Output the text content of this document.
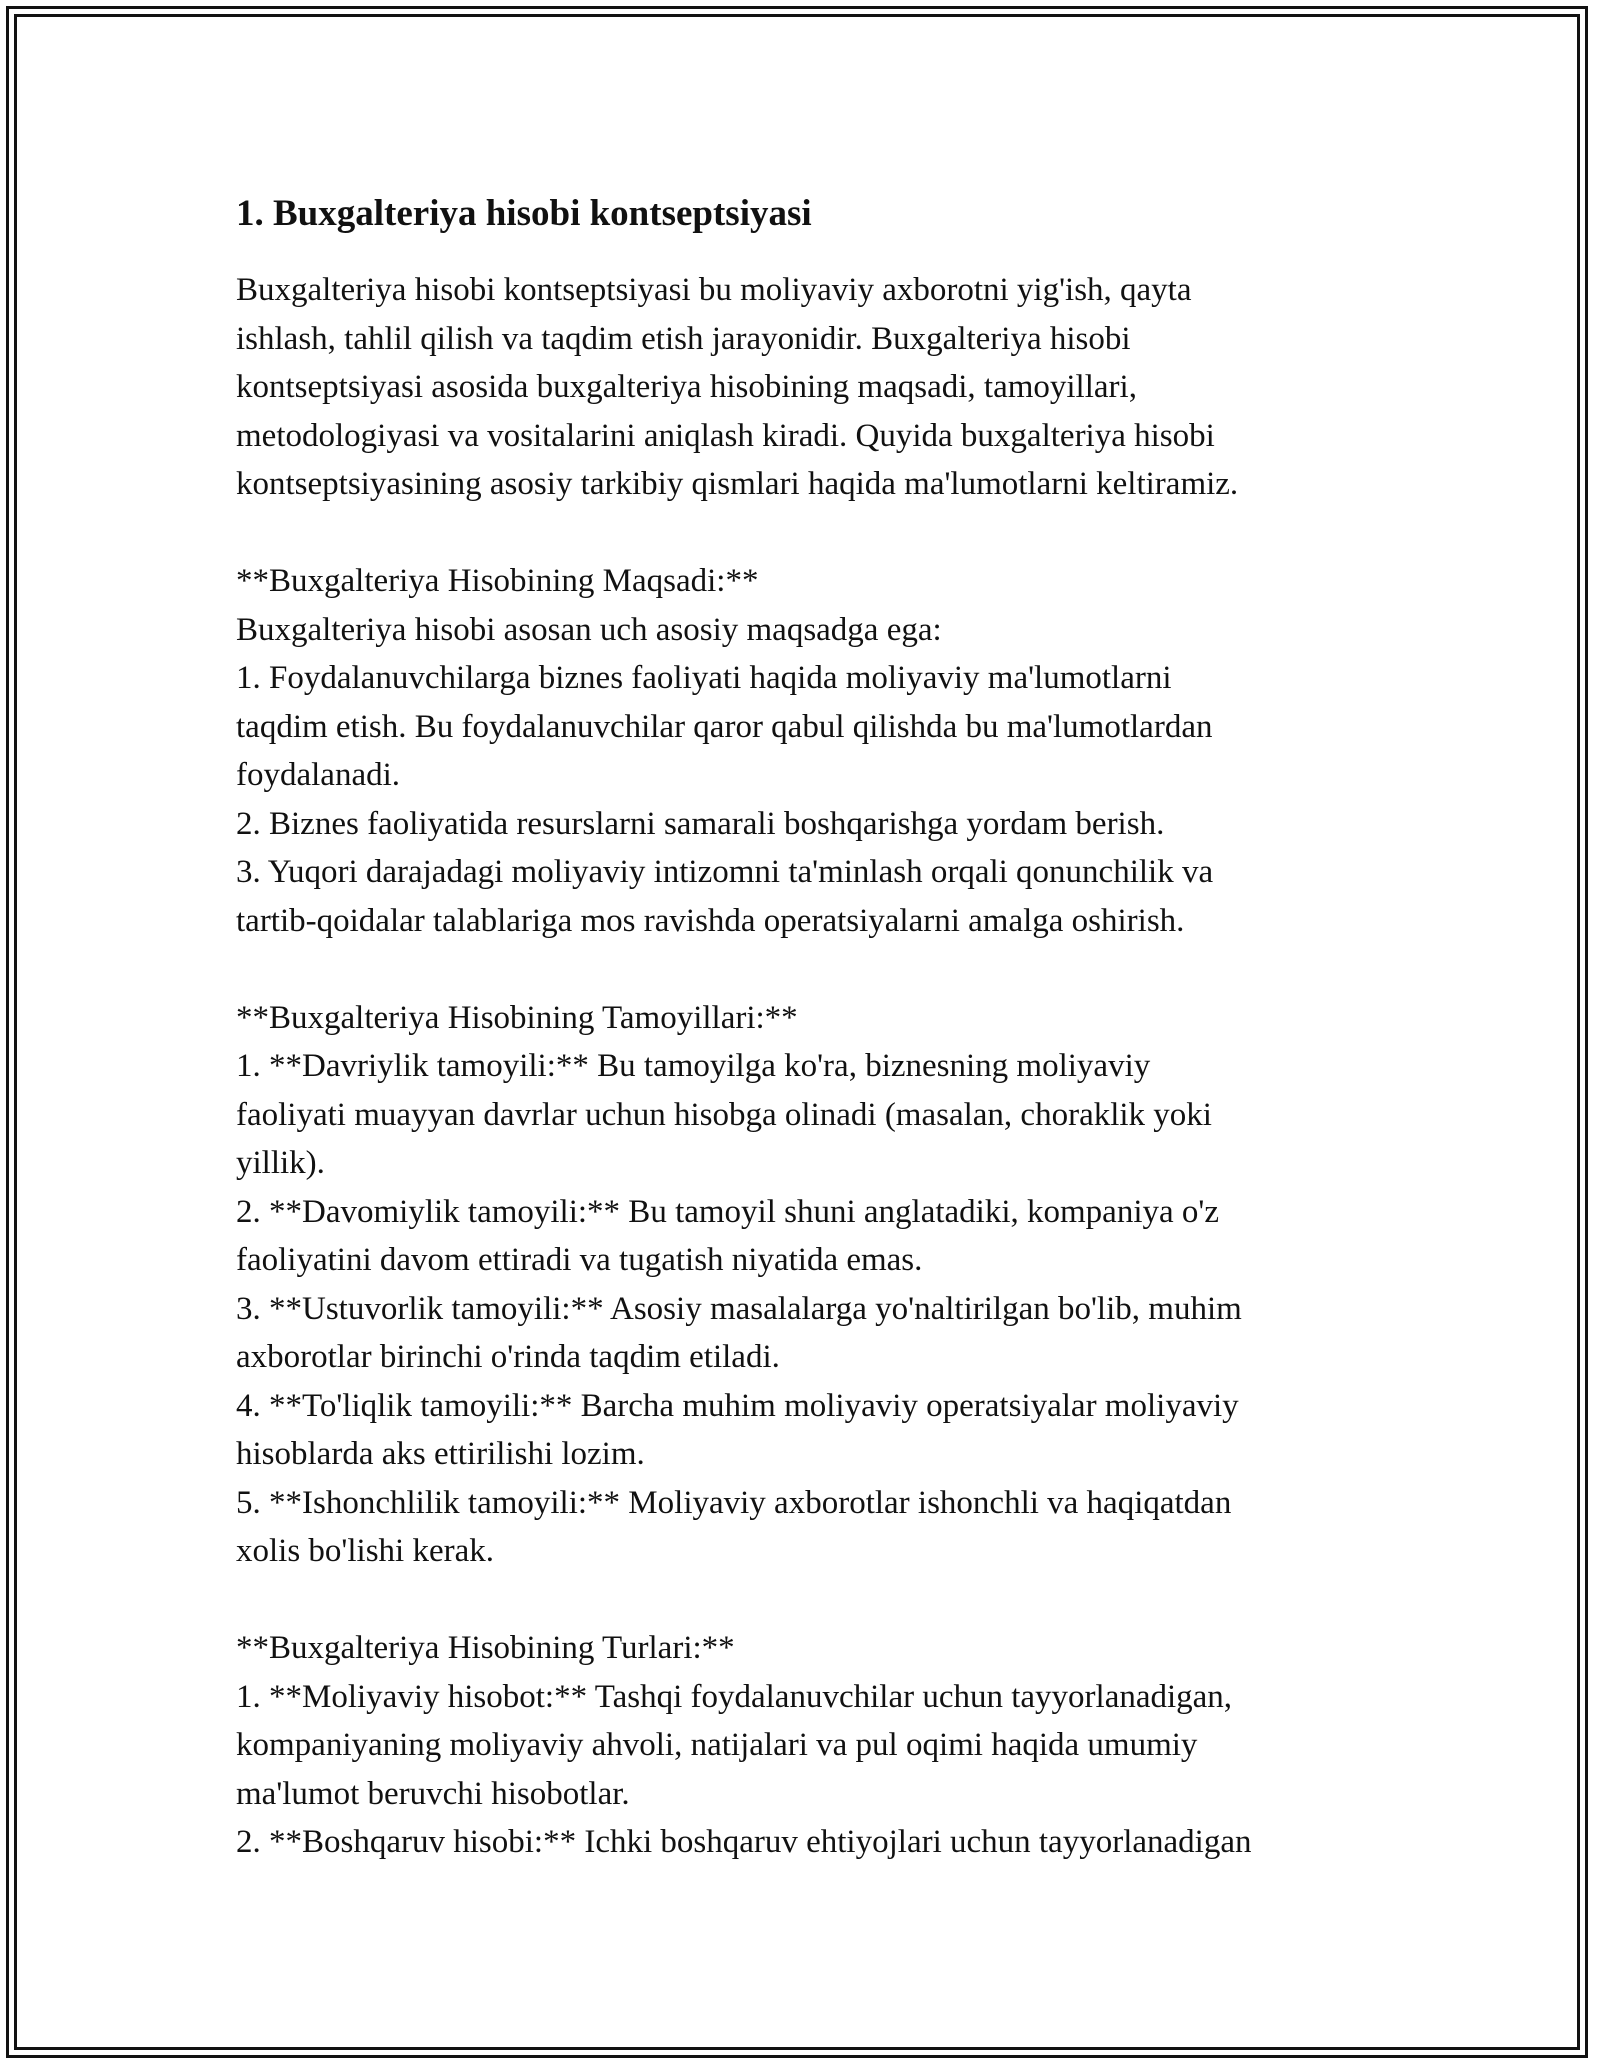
1. Buxgalteriya hisobi kontseptsiyasi
Buxgalteriya hisobi kontseptsiyasi bu moliyaviy axborotni yig'ish, qayta
ishlash, tahlil qilish va taqdim etish jarayonidir. Buxgalteriya hisobi
kontseptsiyasi asosida buxgalteriya hisobining maqsadi, tamoyillari,
metodologiyasi va vositalarini aniqlash kiradi. Quyida buxgalteriya hisobi
kontseptsiyasining asosiy tarkibiy qismlari haqida ma'lumotlarni keltiramiz.
**Buxgalteriya Hisobining Maqsadi:**
Buxgalteriya hisobi asosan uch asosiy maqsadga ega:
1. Foydalanuvchilarga biznes faoliyati haqida moliyaviy ma'lumotlarni
taqdim etish. Bu foydalanuvchilar qaror qabul qilishda bu ma'lumotlardan
foydalanadi.
2. Biznes faoliyatida resurslarni samarali boshqarishga yordam berish.
3. Yuqori darajadagi moliyaviy intizomni ta'minlash orqali qonunchilik va
tartib-qoidalar talablariga mos ravishda operatsiyalarni amalga oshirish.
**Buxgalteriya Hisobining Tamoyillari:**
1. **Davriylik tamoyili:** Bu tamoyilga ko'ra, biznesning moliyaviy
faoliyati muayyan davrlar uchun hisobga olinadi (masalan, choraklik yoki
yillik).
2. **Davomiylik tamoyili:** Bu tamoyil shuni anglatadiki, kompaniya o'z
faoliyatini davom ettiradi va tugatish niyatida emas.
3. **Ustuvorlik tamoyili:** Asosiy masalalarga yo'naltirilgan bo'lib, muhim
axborotlar birinchi o'rinda taqdim etiladi.
4. **To'liqlik tamoyili:** Barcha muhim moliyaviy operatsiyalar moliyaviy
hisoblarda aks ettirilishi lozim.
5. **Ishonchlilik tamoyili:** Moliyaviy axborotlar ishonchli va haqiqatdan
xolis bo'lishi kerak.
**Buxgalteriya Hisobining Turlari:**
1. **Moliyaviy hisobot:** Tashqi foydalanuvchilar uchun tayyorlanadigan,
kompaniyaning moliyaviy ahvoli, natijalari va pul oqimi haqida umumiy
ma'lumot beruvchi hisobotlar.
2. **Boshqaruv hisobi:** Ichki boshqaruv ehtiyojlari uchun tayyorlanadigan
